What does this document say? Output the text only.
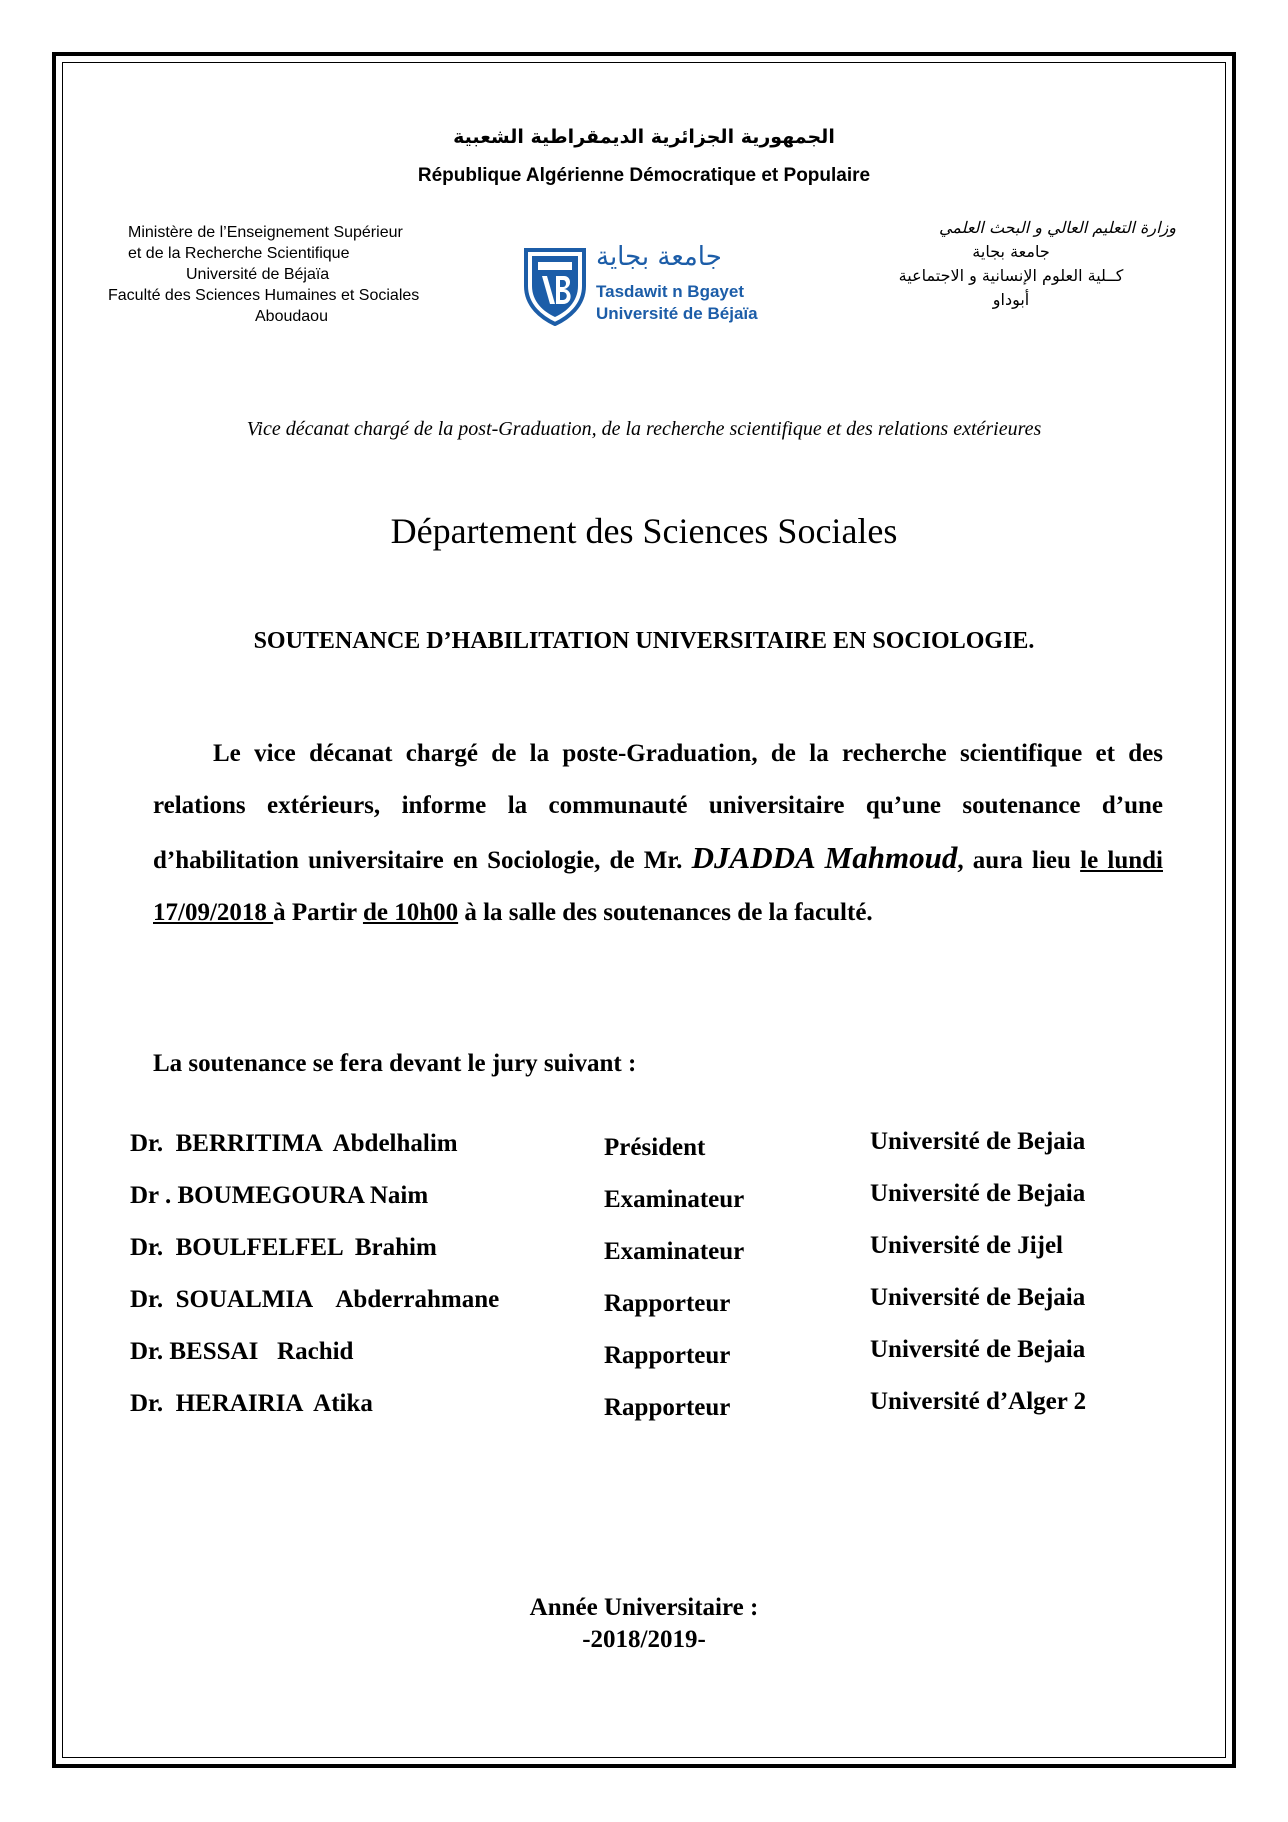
الجمهورية الجزائرية الديمقراطية الشعبية
République Algérienne Démocratique et Populaire
Ministère de l’Enseignement Supérieur
et de la Recherche Scientifique
Université de Béjaïa
Faculté des Sciences Humaines et Sociales
Aboudaou
جامعة بجاية
Tasdawit n Bgayet
Université de Béjaïa
وزارة التعليم العالي و البحث العلمي
جامعة بجاية
كــلية العلوم الإنسانية و الاجتماعية
أبوداو
Vice décanat chargé de la post-Graduation, de la recherche scientifique et des relations extérieures
Département des Sciences Sociales
SOUTENANCE D’HABILITATION UNIVERSITAIRE EN SOCIOLOGIE.
Le vice décanat chargé de la poste-Graduation, de la recherche scientifique et des relations extérieurs, informe la communauté universitaire qu’une soutenance d’une d’habilitation universitaire en Sociologie, de Mr. DJADDA Mahmoud, aura lieu le lundi 17/09/2018 à Partir de 10h00 à la salle des soutenances de la faculté.
La soutenance se fera devant le jury suivant :
Dr.  BERRITIMA  Abdelhalim	Président	Université de Bejaia
Dr . BOUMEGOURA Naim	Examinateur	Université de Bejaia
Dr.  BOULFELFEL  Brahim	Examinateur	Université de Jijel
Dr.  SOUALMIA    Abderrahmane	Rapporteur	Université de Bejaia
Dr. BESSAI   Rachid	Rapporteur	Université de Bejaia
Dr.  HERAIRIA  Atika	Rapporteur	Université d’Alger 2
Année Universitaire :
-2018/2019-
